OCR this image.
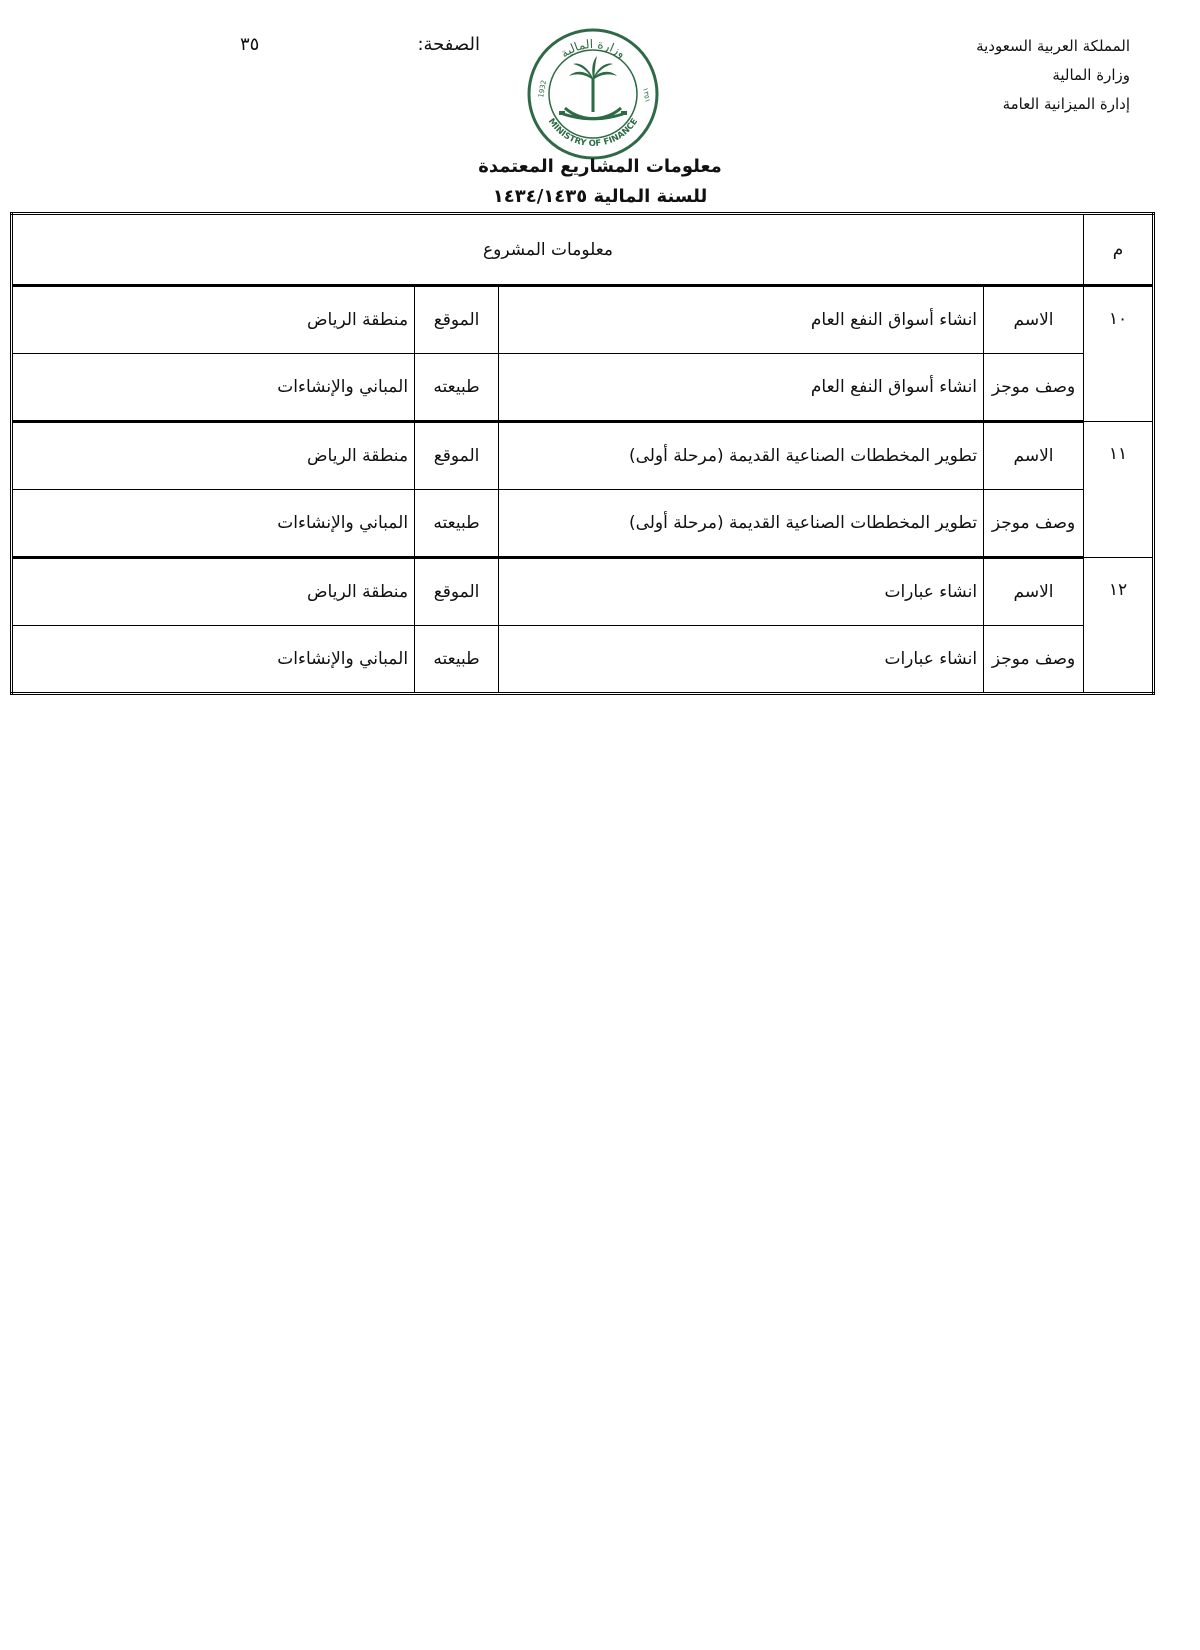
المملكة العربية السعودية
وزارة المالية
إدارة الميزانية العامة
الصفحة:
٣٥	وزارة المالية
MINISTRY OF FINANCE
1932	١٣٥١
معلومات المشاريع المعتمدة
للسنة المالية ١٤٣٤/١٤٣٥
م	معلومات المشروع			
١٠	الاسم	انشاء أسواق النفع العام	الموقع	منطقة الرياض
	وصف موجز	انشاء أسواق النفع العام	طبيعته	المباني والإنشاءات
١١	الاسم	تطوير المخططات الصناعية القديمة (مرحلة أولى)	الموقع	منطقة الرياض
	وصف موجز	تطوير المخططات الصناعية القديمة (مرحلة أولى)	طبيعته	المباني والإنشاءات
١٢	الاسم	انشاء عبارات	الموقع	منطقة الرياض
	وصف موجز	انشاء عبارات	طبيعته	المباني والإنشاءات
